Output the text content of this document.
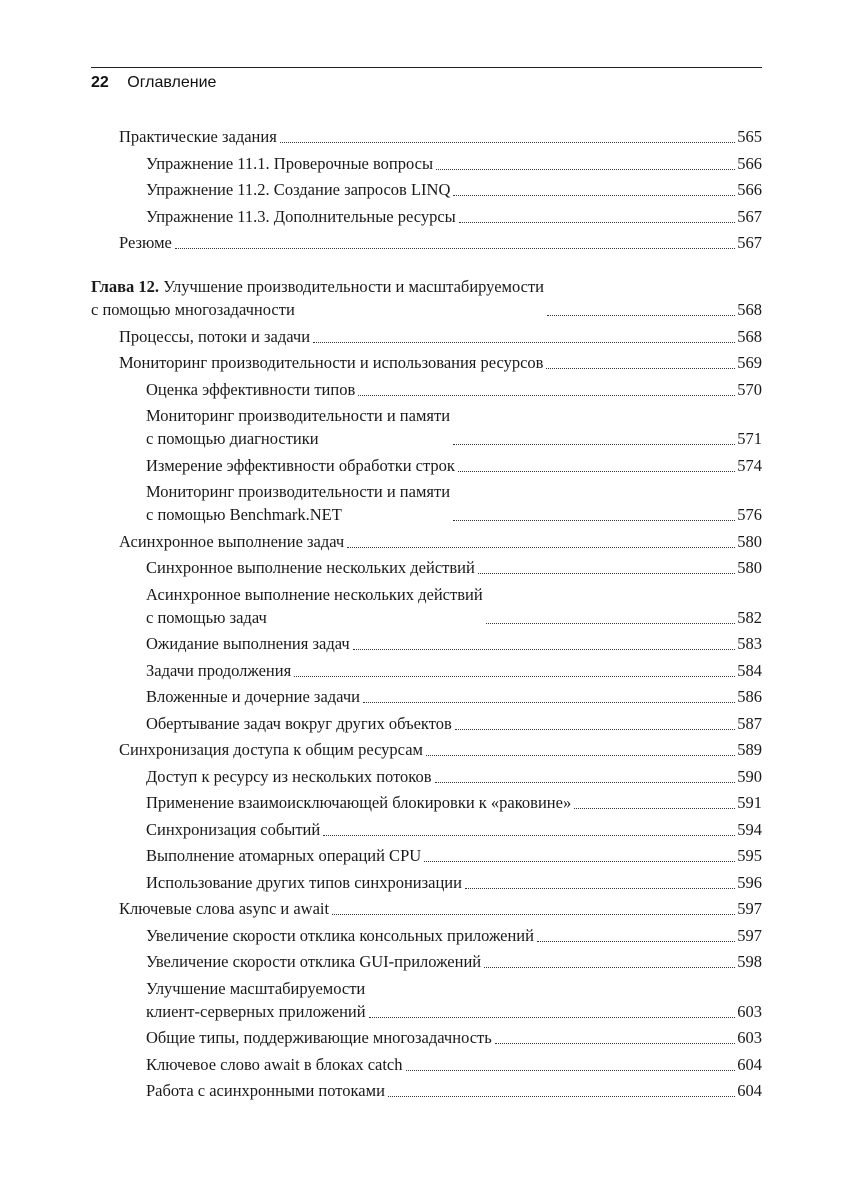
22 Оглавление
Практические задания	565
Упражнение 11.1. Проверочные вопросы	566
Упражнение 11.2. Создание запросов LINQ	566
Упражнение 11.3. Дополнительные ресурсы	567
Резюме	567
Глава 12. Улучшение производительности и масштабируемости
с помощью многозадачности	568
Процессы, потоки и задачи	568
Мониторинг производительности и использования ресурсов	569
Оценка эффективности типов	570
Мониторинг производительности и памяти
с помощью диагностики	571
Измерение эффективности обработки строк	574
Мониторинг производительности и памяти
с помощью Benchmark.NET	576
Асинхронное выполнение задач	580
Синхронное выполнение нескольких действий	580
Асинхронное выполнение нескольких действий
с помощью задач	582
Ожидание выполнения задач	583
Задачи продолжения	584
Вложенные и дочерние задачи	586
Обертывание задач вокруг других объектов	587
Синхронизация доступа к общим ресурсам	589
Доступ к ресурсу из нескольких потоков	590
Применение взаимоисключающей блокировки к «раковине»	591
Синхронизация событий	594
Выполнение атомарных операций CPU	595
Использование других типов синхронизации	596
Ключевые слова async и await	597
Увеличение скорости отклика консольных приложений	597
Увеличение скорости отклика GUI-приложений	598
Улучшение масштабируемости
клиент-серверных приложений	603
Общие типы, поддерживающие многозадачность	603
Ключевое слово await в блоках catch	604
Работа с асинхронными потоками	604
